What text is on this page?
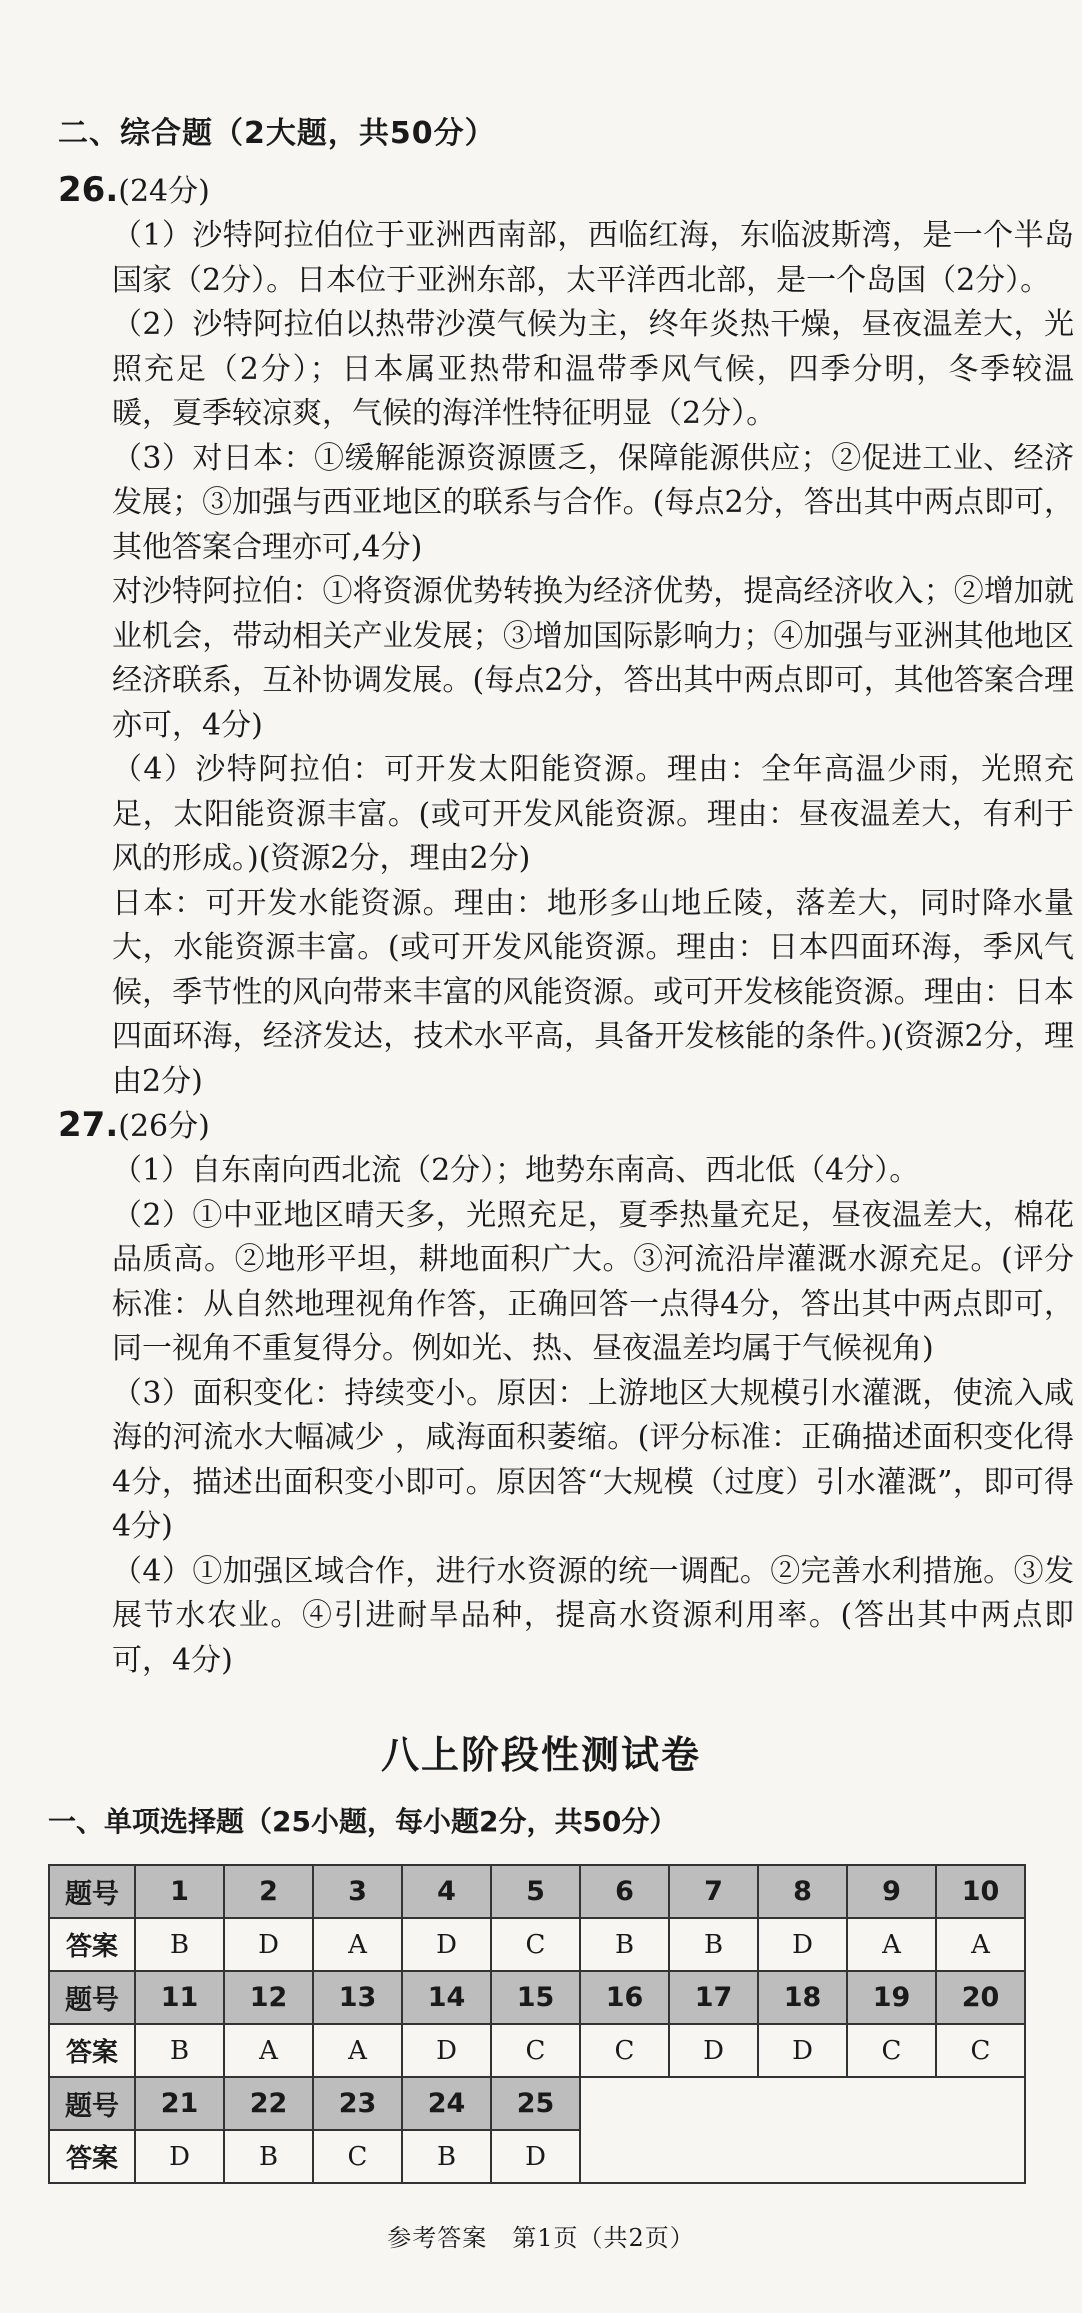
二、综合题（2大题，共50分）
26.(24分)

（1）沙特阿拉伯位于亚洲西南部，西临红海，东临波斯湾，是一个半岛国家（2分）。日本位于亚洲东部，太平洋西北部，是一个岛国（2分）。

（2）沙特阿拉伯以热带沙漠气候为主，终年炎热干燥，昼夜温差大，光照充足（2分）；日本属亚热带和温带季风气候，四季分明，冬季较温暖，夏季较凉爽，气候的海洋性特征明显（2分）。

（3）对日本：①缓解能源资源匮乏，保障能源供应；②促进工业、经济发展；③加强与西亚地区的联系与合作。(每点2分，答出其中两点即可，其他答案合理亦可,4分)

对沙特阿拉伯：①将资源优势转换为经济优势，提高经济收入；②增加就业机会，带动相关产业发展；③增加国际影响力；④加强与亚洲其他地区经济联系，互补协调发展。(每点2分，答出其中两点即可，其他答案合理亦可，4分)

（4）沙特阿拉伯：可开发太阳能资源。理由：全年高温少雨，光照充足，太阳能资源丰富。(或可开发风能资源。理由：昼夜温差大，有利于风的形成。)(资源2分，理由2分)

日本：可开发水能资源。理由：地形多山地丘陵，落差大，同时降水量大，水能资源丰富。(或可开发风能资源。理由：日本四面环海，季风气候，季节性的风向带来丰富的风能资源。或可开发核能资源。理由：日本四面环海，经济发达，技术水平高，具备开发核能的条件。)(资源2分，理由2分)

27.(26分)

（1）自东南向西北流（2分）；地势东南高、西北低（4分）。

（2）①中亚地区晴天多，光照充足，夏季热量充足，昼夜温差大，棉花品质高。②地形平坦，耕地面积广大。③河流沿岸灌溉水源充足。(评分标准：从自然地理视角作答，正确回答一点得4分，答出其中两点即可，同一视角不重复得分。例如光、热、昼夜温差均属于气候视角)

（3）面积变化：持续变小。原因：上游地区大规模引水灌溉，使流入咸海的河流水大幅减少 ，咸海面积萎缩。(评分标准：正确描述面积变化得4分，描述出面积变小即可。原因答“大规模（过度）引水灌溉”，即可得4分)

（4）①加强区域合作，进行水资源的统一调配。②完善水利措施。③发展节水农业。④引进耐旱品种，提高水资源利用率。(答出其中两点即可，4分)

八上阶段性测试卷
一、单项选择题（25小题，每小题2分，共50分）
题号	1	2	3	4	5	6	7	8	9	10
答案	B	D	A	D	C	B	B	D	A	A
题号	11	12	13	14	15	16	17	18	19	20
答案	B	A	A	D	C	C	D	D	C	C
题号	21	22	23	24	25					
答案	D	B	C	B	D					
参考答案　第1页（共2页）
